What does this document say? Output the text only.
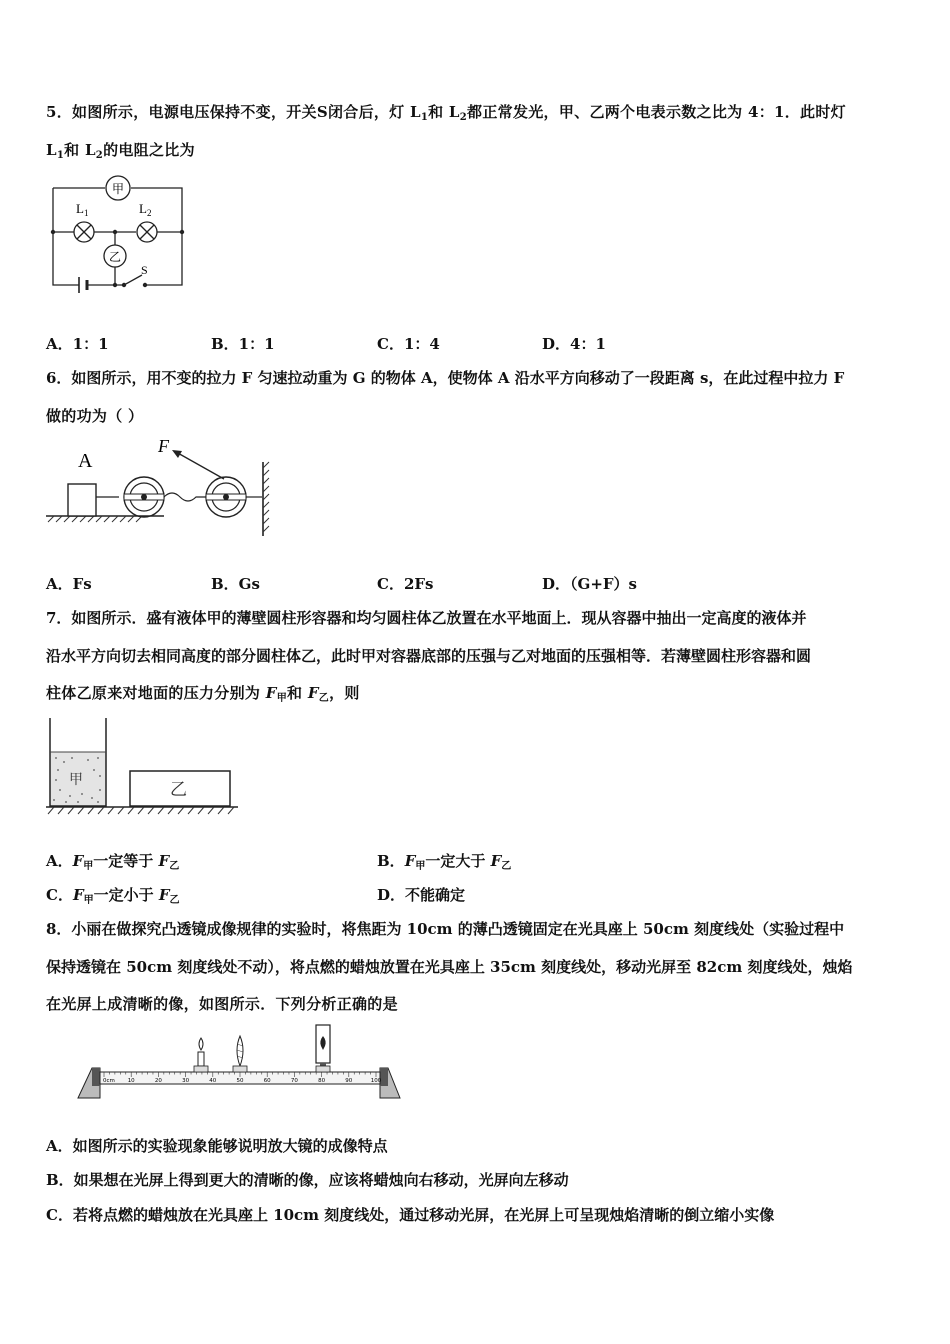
5．如图所示，电源电压保持不变，开关S闭合后，灯 $L_1$和 $L_2$都正常发光，甲、乙两个电表示数之比为 4：1．此时灯
$L_1$和 $L_2$的电阻之比为
甲
乙
$L_1$	$L_2$
S
A．1：1	B．1：1	C．1：4	D．4：1
6．如图所示，用不变的拉力 F 匀速拉动重为 G 的物体 A，使物体 A 沿水平方向移动了一段距离 s，在此过程中拉力 F
做的功为（ ）
A
F
A．Fs	B．Gs	C．2Fs	D．（G+F）s
7．如图所示．盛有液体甲的薄壁圆柱形容器和均匀圆柱体乙放置在水平地面上．现从容器中抽出一定高度的液体并
沿水平方向切去相同高度的部分圆柱体乙，此时甲对容器底部的压强与乙对地面的压强相等．若薄壁圆柱形容器和圆
柱体乙原来对地面的压力分别为 $F_甲$和 $F_乙$，则
甲	乙
A．$F_甲$一定等于 $F_乙$	B．$F_甲$一定大于 $F_乙$
C．$F_甲$一定小于 $F_乙$	D．不能确定
8．小丽在做探究凸透镜成像规律的实验时，将焦距为 10cm 的薄凸透镜固定在光具座上 50cm 刻度线处（实验过程中
保持透镜在 50cm 刻度线处不动），将点燃的蜡烛放置在光具座上 35cm 刻度线处，移动光屏至 82cm 刻度线处，烛焰
在光屏上成清晰的像，如图所示．下列分析正确的是
0cm 10	20	30	40	50	60	70	80	90	100
A．如图所示的实验现象能够说明放大镜的成像特点
B．如果想在光屏上得到更大的清晰的像，应该将蜡烛向右移动，光屏向左移动
C．若将点燃的蜡烛放在光具座上 10cm 刻度线处，通过移动光屏，在光屏上可呈现烛焰清晰的倒立缩小实像
